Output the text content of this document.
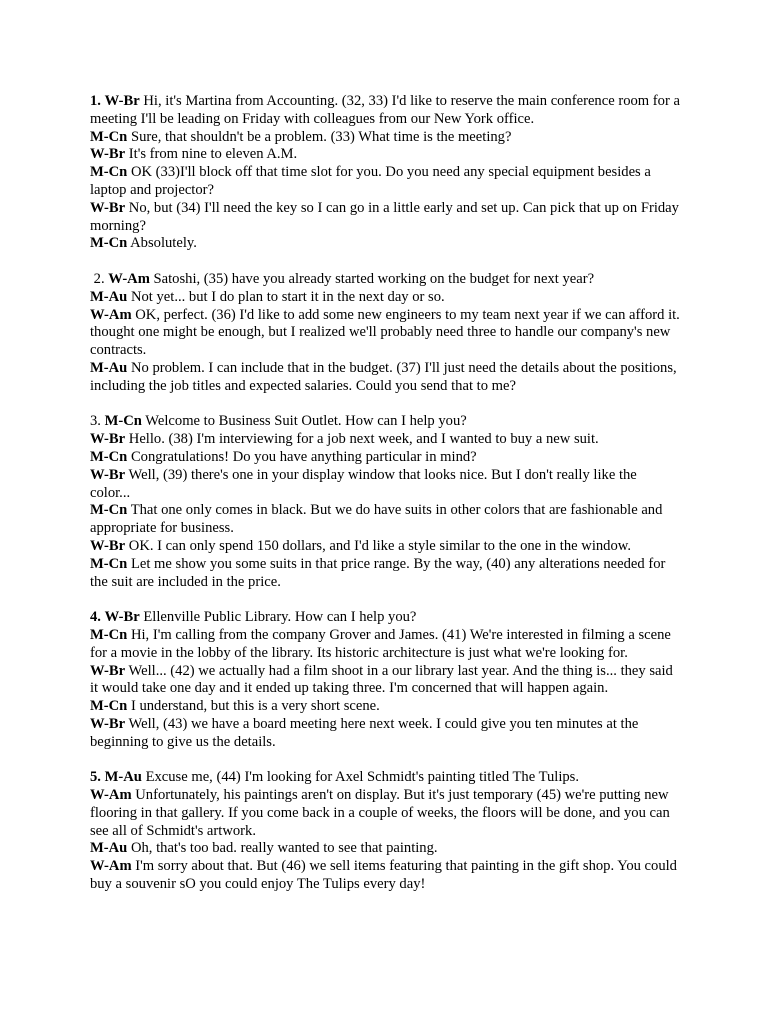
1. W-Br Hi, it's Martina from Accounting. (32, 33) I'd like to reserve the main conference room for a meeting I'll be leading on Friday with colleagues from our New York office.
M-Cn Sure, that shouldn't be a problem. (33) What time is the meeting?
W-Br It's from nine to eleven A.M.
M-Cn OK (33)I'll block off that time slot for you. Do you need any special equipment besides a laptop and projector?
W-Br No, but (34) I'll need the key so I can go in a little early and set up. Can pick that up on Friday morning?
M-Cn Absolutely.
2. W-Am Satoshi, (35) have you already started working on the budget for next year?
M-Au Not yet... but I do plan to start it in the next day or so.
W-Am OK, perfect. (36) I'd like to add some new engineers to my team next year if we can afford it. thought one might be enough, but I realized we'll probably need three to handle our company's new contracts.
M-Au No problem. I can include that in the budget. (37) I'll just need the details about the positions, including the job titles and expected salaries. Could you send that to me?
3. M-Cn Welcome to Business Suit Outlet. How can I help you?
W-Br Hello. (38) I'm interviewing for a job next week, and I wanted to buy a new suit.
M-Cn Congratulations! Do you have anything particular in mind?
W-Br Well, (39) there's one in your display window that looks nice. But I don't really like the color...
M-Cn That one only comes in black. But we do have suits in other colors that are fashionable and appropriate for business.
W-Br OK. I can only spend 150 dollars, and I'd like a style similar to the one in the window.
M-Cn Let me show you some suits in that price range. By the way, (40) any alterations needed for the suit are included in the price.
4. W-Br Ellenville Public Library. How can I help you?
M-Cn Hi, I'm calling from the company Grover and James. (41) We're interested in filming a scene for a movie in the lobby of the library. Its historic architecture is just what we're looking for.
W-Br Well... (42) we actually had a film shoot in a our library last year. And the thing is... they said it would take one day and it ended up taking three. I'm concerned that will happen again.
M-Cn I understand, but this is a very short scene.
W-Br Well, (43) we have a board meeting here next week. I could give you ten minutes at the beginning to give us the details.
5. M-Au Excuse me, (44) I'm looking for Axel Schmidt's painting titled The Tulips.
W-Am Unfortunately, his paintings aren't on display. But it's just temporary (45) we're putting new flooring in that gallery. If you come back in a couple of weeks, the floors will be done, and you can see all of Schmidt's artwork.
M-Au Oh, that's too bad. really wanted to see that painting.
W-Am I'm sorry about that. But (46) we sell items featuring that painting in the gift shop. You could buy a souvenir sO you could enjoy The Tulips every day!
